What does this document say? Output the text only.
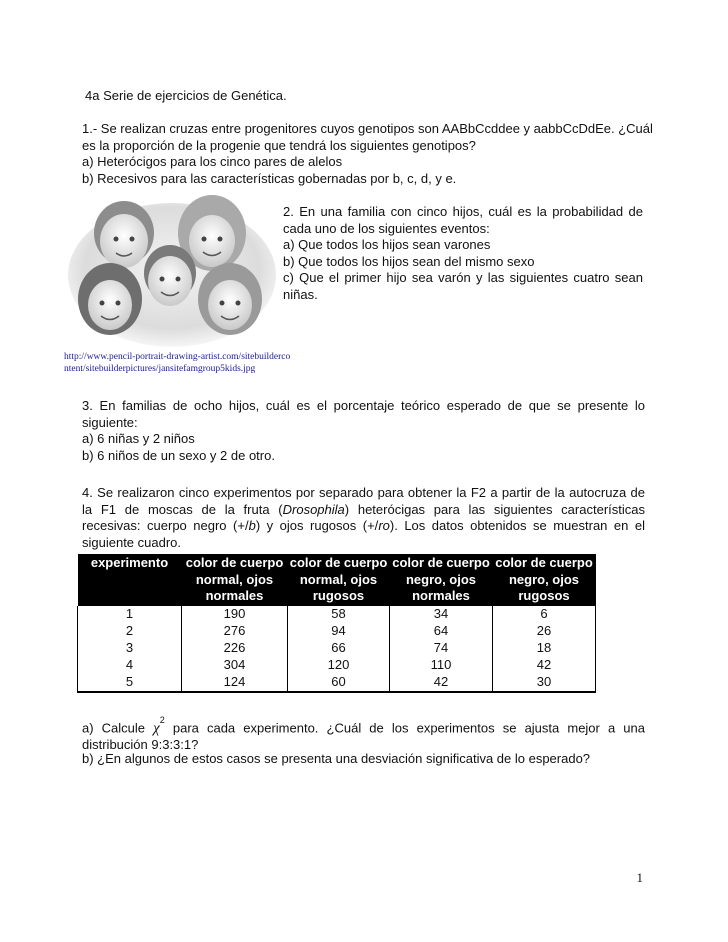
4a Serie de ejercicios de Genética.

1.- Se realizan cruzas entre progenitores cuyos genotipos son AABbCcddee y aabbCcDdEe. ¿Cuál

es la proporción de la progenie que tendrá los siguientes genotipos?

a) Heterócigos para los cinco pares de alelos

b) Recesivos para las características gobernadas por b, c, d, y e.

2. En una familia con cinco hijos, cuál es la probabilidad de cada uno de los siguientes eventos:

a) Que todos los hijos sean varones

b) Que todos los hijos sean del mismo sexo

c) Que el primer hijo sea varón y las siguientes cuatro sean niñas.

http://www.pencil-portrait-drawing-artist.com/sitebuildercontent/sitebuilderpictures/jansitefamgroup5kids.jpg

3. En familias de ocho hijos, cuál es el porcentaje teórico esperado de que se presente lo siguiente:

a) 6 niñas y 2 niños

b) 6 niños de un sexo y 2 de otro.

4. Se realizaron cinco experimentos por separado para obtener la F2 a partir de la autocruza de la F1 de moscas de la fruta (Drosophila) heterócigas para las siguientes características recesivas: cuerpo negro (+/b) y ojos rugosos (+/ro). Los datos obtenidos se muestran en el siguiente cuadro.

experimento	color de cuerpo
normal, ojos
normales	color de cuerpo
normal, ojos
rugosos	color de cuerpo
negro, ojos
normales	color de cuerpo
negro, ojos
rugosos

1	190	58	34	6
2	276	94	64	26
3	226	66	74	18
4	304	120	110	42
5	124	60	42	30

a) Calcule $\chi^2$ para cada experimento. ¿Cuál de los experimentos se ajusta mejor a una distribución 9:3:3:1?

b) ¿En algunos de estos casos se presenta una desviación significativa de lo esperado?

1
